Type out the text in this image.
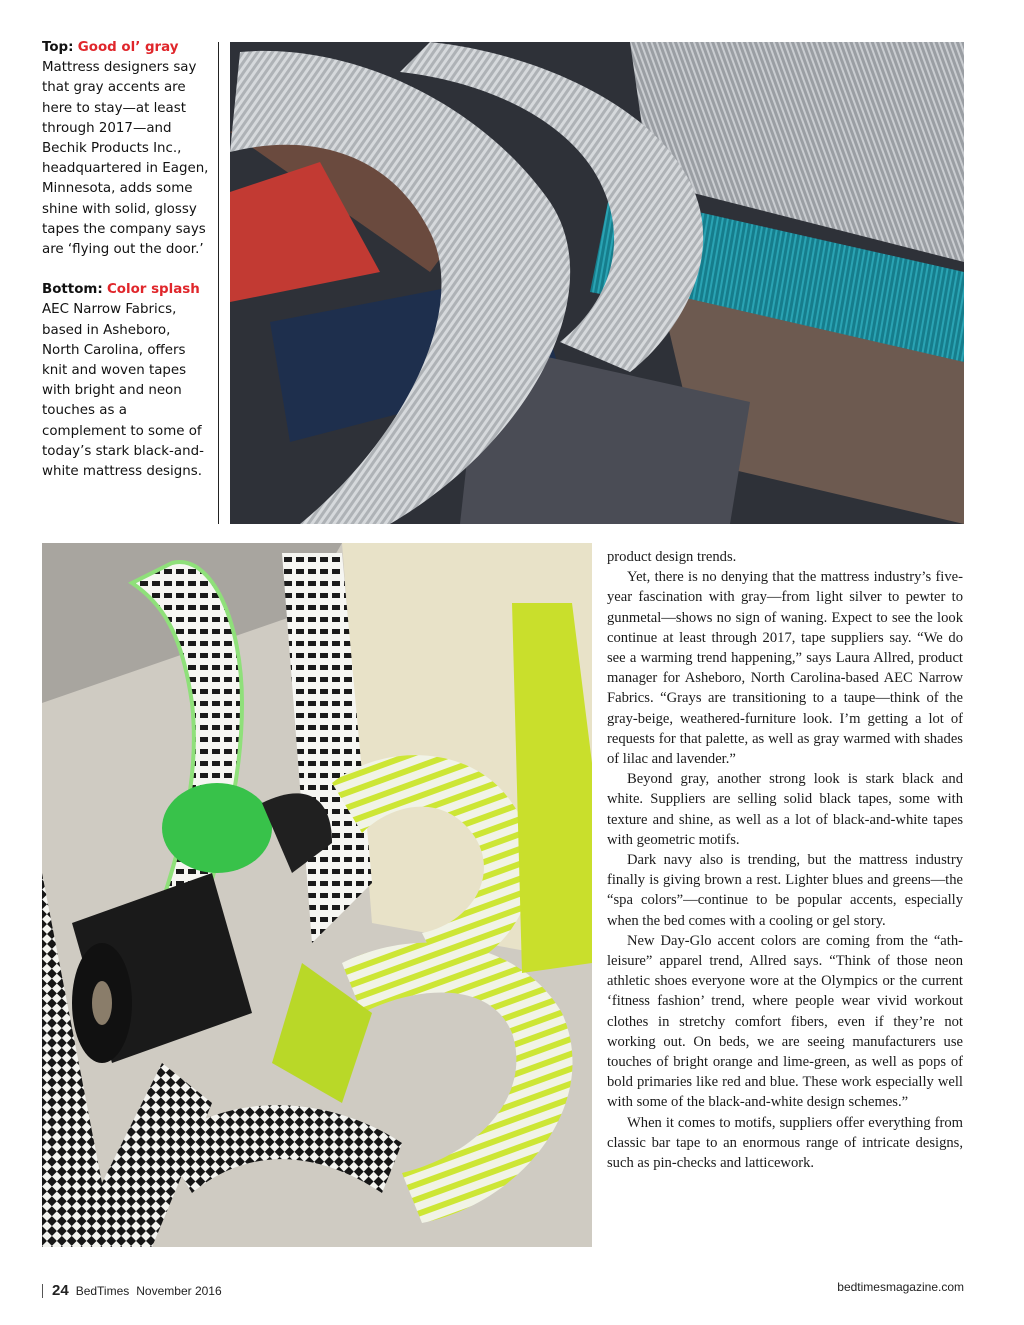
Top: Good ol’ gray
Mattress designers say that gray accents are here to stay—at least through 2017—and Bechik Products Inc., headquartered in Eagen, Minnesota, adds some shine with solid, glossy tapes the company says are ‘flying out the door.’

Bottom: Color splash
AEC Narrow Fabrics, based in Asheboro, North Carolina, offers knit and woven tapes with bright and neon touches as a complement to some of today’s stark black-and-white mattress designs.

product design trends.

Yet, there is no denying that the mattress industry’s five-year fascination with gray—from light silver to pewter to gunmetal—shows no sign of waning. Expect to see the look continue at least through 2017, tape suppliers say. “We do see a warming trend happening,” says Laura Allred, product manager for Asheboro, North Carolina-based AEC Narrow Fabrics. “Grays are transitioning to a taupe—think of the gray-beige, weathered-furniture look. I’m getting a lot of requests for that palette, as well as gray warmed with shades of lilac and lavender.”

Beyond gray, another strong look is stark black and white. Suppliers are selling solid black tapes, some with texture and shine, as well as a lot of black-and-white tapes with geometric motifs.

Dark navy also is trending, but the mattress industry finally is giving brown a rest. Lighter blues and greens—the “spa colors”—continue to be popular accents, especially when the bed comes with a cooling or gel story.

New Day-Glo accent colors are coming from the “ath-leisure” apparel trend, Allred says. “Think of those neon athletic shoes everyone wore at the Olympics or the current ‘fitness fashion’ trend, where people wear vivid workout clothes in stretchy comfort fibers, even if they’re not working out. On beds, we are seeing manufacturers use touches of bright orange and lime-green, as well as pops of bold primaries like red and blue. These work especially well with some of the black-and-white design schemes.”

When it comes to motifs, suppliers offer everything from classic bar tape to an enormous range of intricate designs, such as pin-checks and latticework.

24 BedTimes November 2016	bedtimesmagazine.com
